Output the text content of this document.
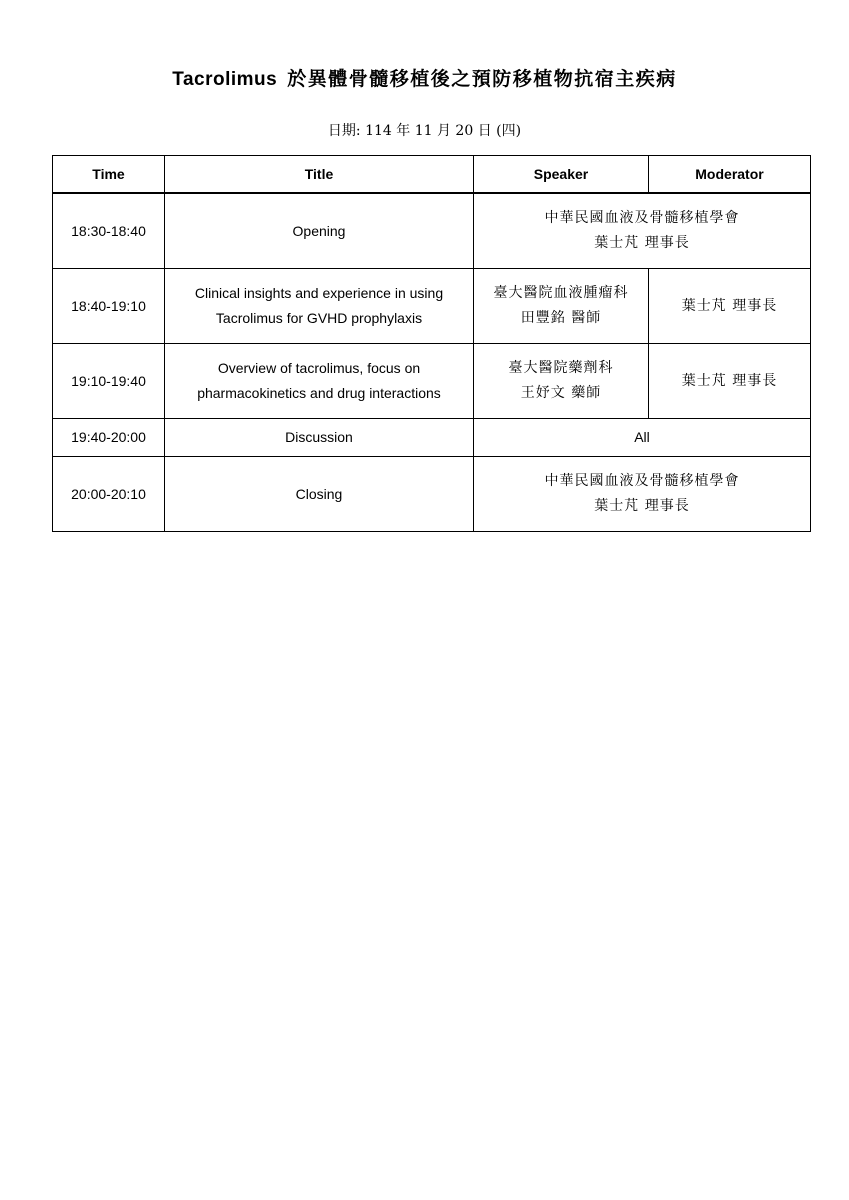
Tacrolimus 於異體骨髓移植後之預防移植物抗宿主疾病
日期: 114 年 11 月 20 日 (四)
Time	Title	Speaker	Moderator
18:30-18:40	Opening	中華民國血液及骨髓移植學會
葉士芃 理事長	

18:40-19:10	Clinical insights and experience in using
Tacrolimus for GVHD prophylaxis	臺大醫院血液腫瘤科
田豐銘 醫師	葉士芃 理事長
19:10-19:40	Overview of tacrolimus, focus on
pharmacokinetics and drug interactions	臺大醫院藥劑科
王妤文 藥師	葉士芃 理事長
19:40-20:00	Discussion	All	
20:00-20:10	Closing	中華民國血液及骨髓移植學會
葉士芃 理事長	
